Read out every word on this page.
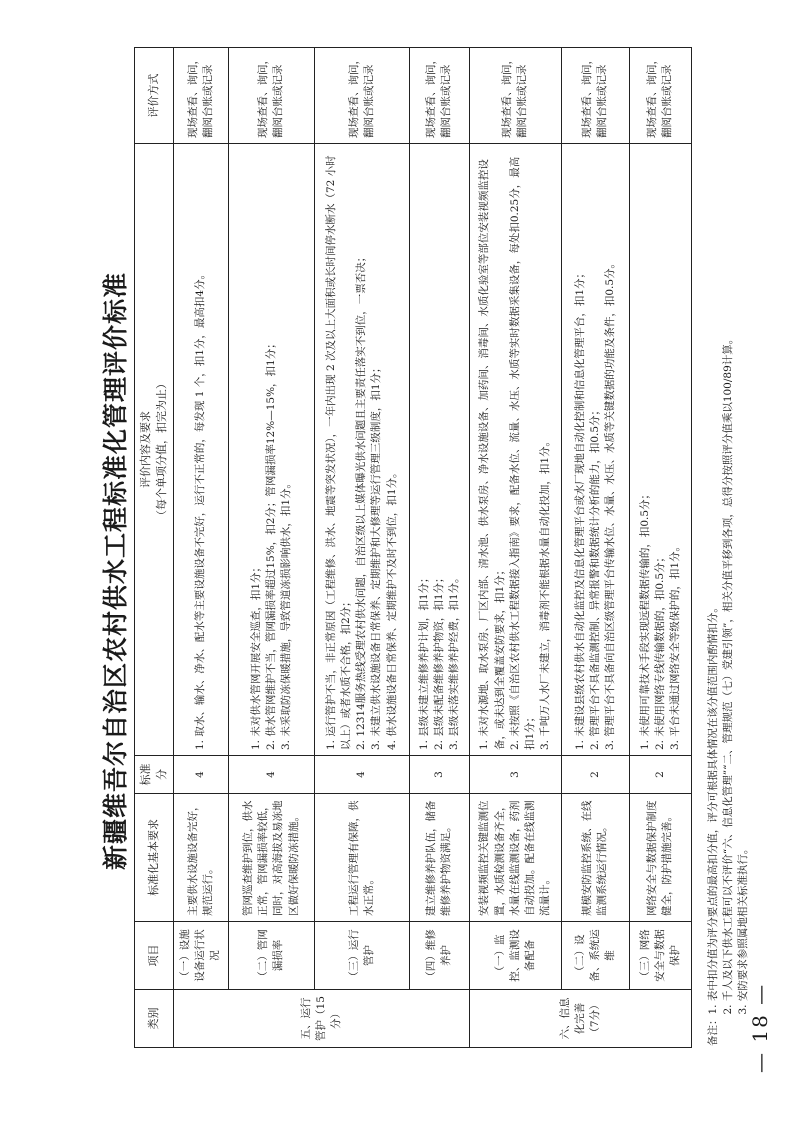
新疆维吾尔自治区农村供水工程标准化管理评价标准
类别	项目	标准化基本要求	标准分	评价内容及要求 （每个单项分值，扣完为止）	评价方式
五、运行管护（15分）	（一）设施设备运行状况	主要供水设施设备完好，规范运行。	4	1. 取水、输水、净水、配水等主要设施设备不完好，运行不正常的，每发现 1 个，扣1分，最高扣4分。	现场查看、询问，翻阅台账或记录
	（二）管网漏损率	管网巡查维护到位，供水正常，管网漏损率较低，同时，对高海拔及易冻地区做好保暖防冻措施。	4	1. 未对供水管网开展安全巡查，扣1分； 2. 供水管网维护不当，管网漏损率超过15%，扣2分；管网漏损率12%—15%，扣1分； 3. 未采取防冻保暖措施，导致管道冻损影响供水，扣1分。	现场查看、询问，翻阅台账或记录
	（三）运行管护	工程运行管理有保障，供水正常。	4	1. 运行管护不当，非正常原因（工程维修、洪水、地震等突发状况），一年内出现 2 次及以上大面积或长时间停水断水（72 小时以上）或者水质不合格，扣2分； 2. 12314服务热线受理农村供水问题，自治区级以上媒体曝光供水问题且主要责任落实不到位，一票否决； 3. 未建立供水设施设备日常保养、定期维护和大修理等运行管理三级制度，扣1分； 4. 供水设施设备日常保养、定期维护不及时不到位，扣1分。	现场查看、询问，翻阅台账或记录
	（四）维修养护	建立维修养护队伍，储备维修养护物资满足。	3	1. 县级未建立维修养护计划，扣1分； 2. 县级未配备维修养护物资，扣1分； 3. 县级未落实维修养护经费，扣1分。	现场查看、询问，翻阅台账或记录
六、信息化完善（7分）	（一）监控、监测设备配备	安装视频监控关键监测位置，水质检测设备齐全，水量在线监测设备，药剂自动投加。配备在线监测流量计。	3	1. 未对水源地、取水泵房、厂区内部、清水池、供水泵房、净水设施设备、加药间、消毒间、水质化验室等部位安装视频监控设备，或未达到全覆盖安防要求，扣1分； 2. 未按照《自治区农村供水工程数据接入指南》要求，配备水位、流量、水压、水质等实时数据采集设备，每处扣0.25分，最高扣1分； 3. 千吨万人水厂未建立，消毒剂不能根据水量自动化投加，扣1分。	现场查看、询问，翻阅台账或记录
	（二）设备、系统运维	规模安防监控系统、在线监测系统运行情况。	2	1. 未建设县级农村供水自动化监控及信息化管理平台或水厂现地自动化控制和信息化管理平台，扣1分； 2. 管理平台不具备监测控制、异常报警和数据统计分析的能力，扣0.5分； 3. 管理平台不具备向自治区级管理平台传输水位、水量、水压、水质等关键数据的功能及条件，扣0.5分。	现场查看、询问，翻阅台账或记录
	（三）网络安全与数据保护	网络安全与数据保护制度健全，防护措施完善。	2	1. 未使用可靠技术手段实现远程数据传输的，扣0.5分； 2. 未使用网络专线传输数据的，扣0.5分； 3. 平台未通过网络安全等级保护的，扣1分。	现场查看、询问，翻阅台账或记录
备注：1. 表中扣分值为评分要点的最高扣分值，评分可根据具体情况在该分值范围内酌情扣分。 2. 千人及以下供水工程可以不评价“六、信息化管理”“二、管理规范（七）党建引领”，相关分值平移到各项，总得分按照评分值乘以100/89计算。 3. 安防要求参照属地相关标准执行。
— 18 —
